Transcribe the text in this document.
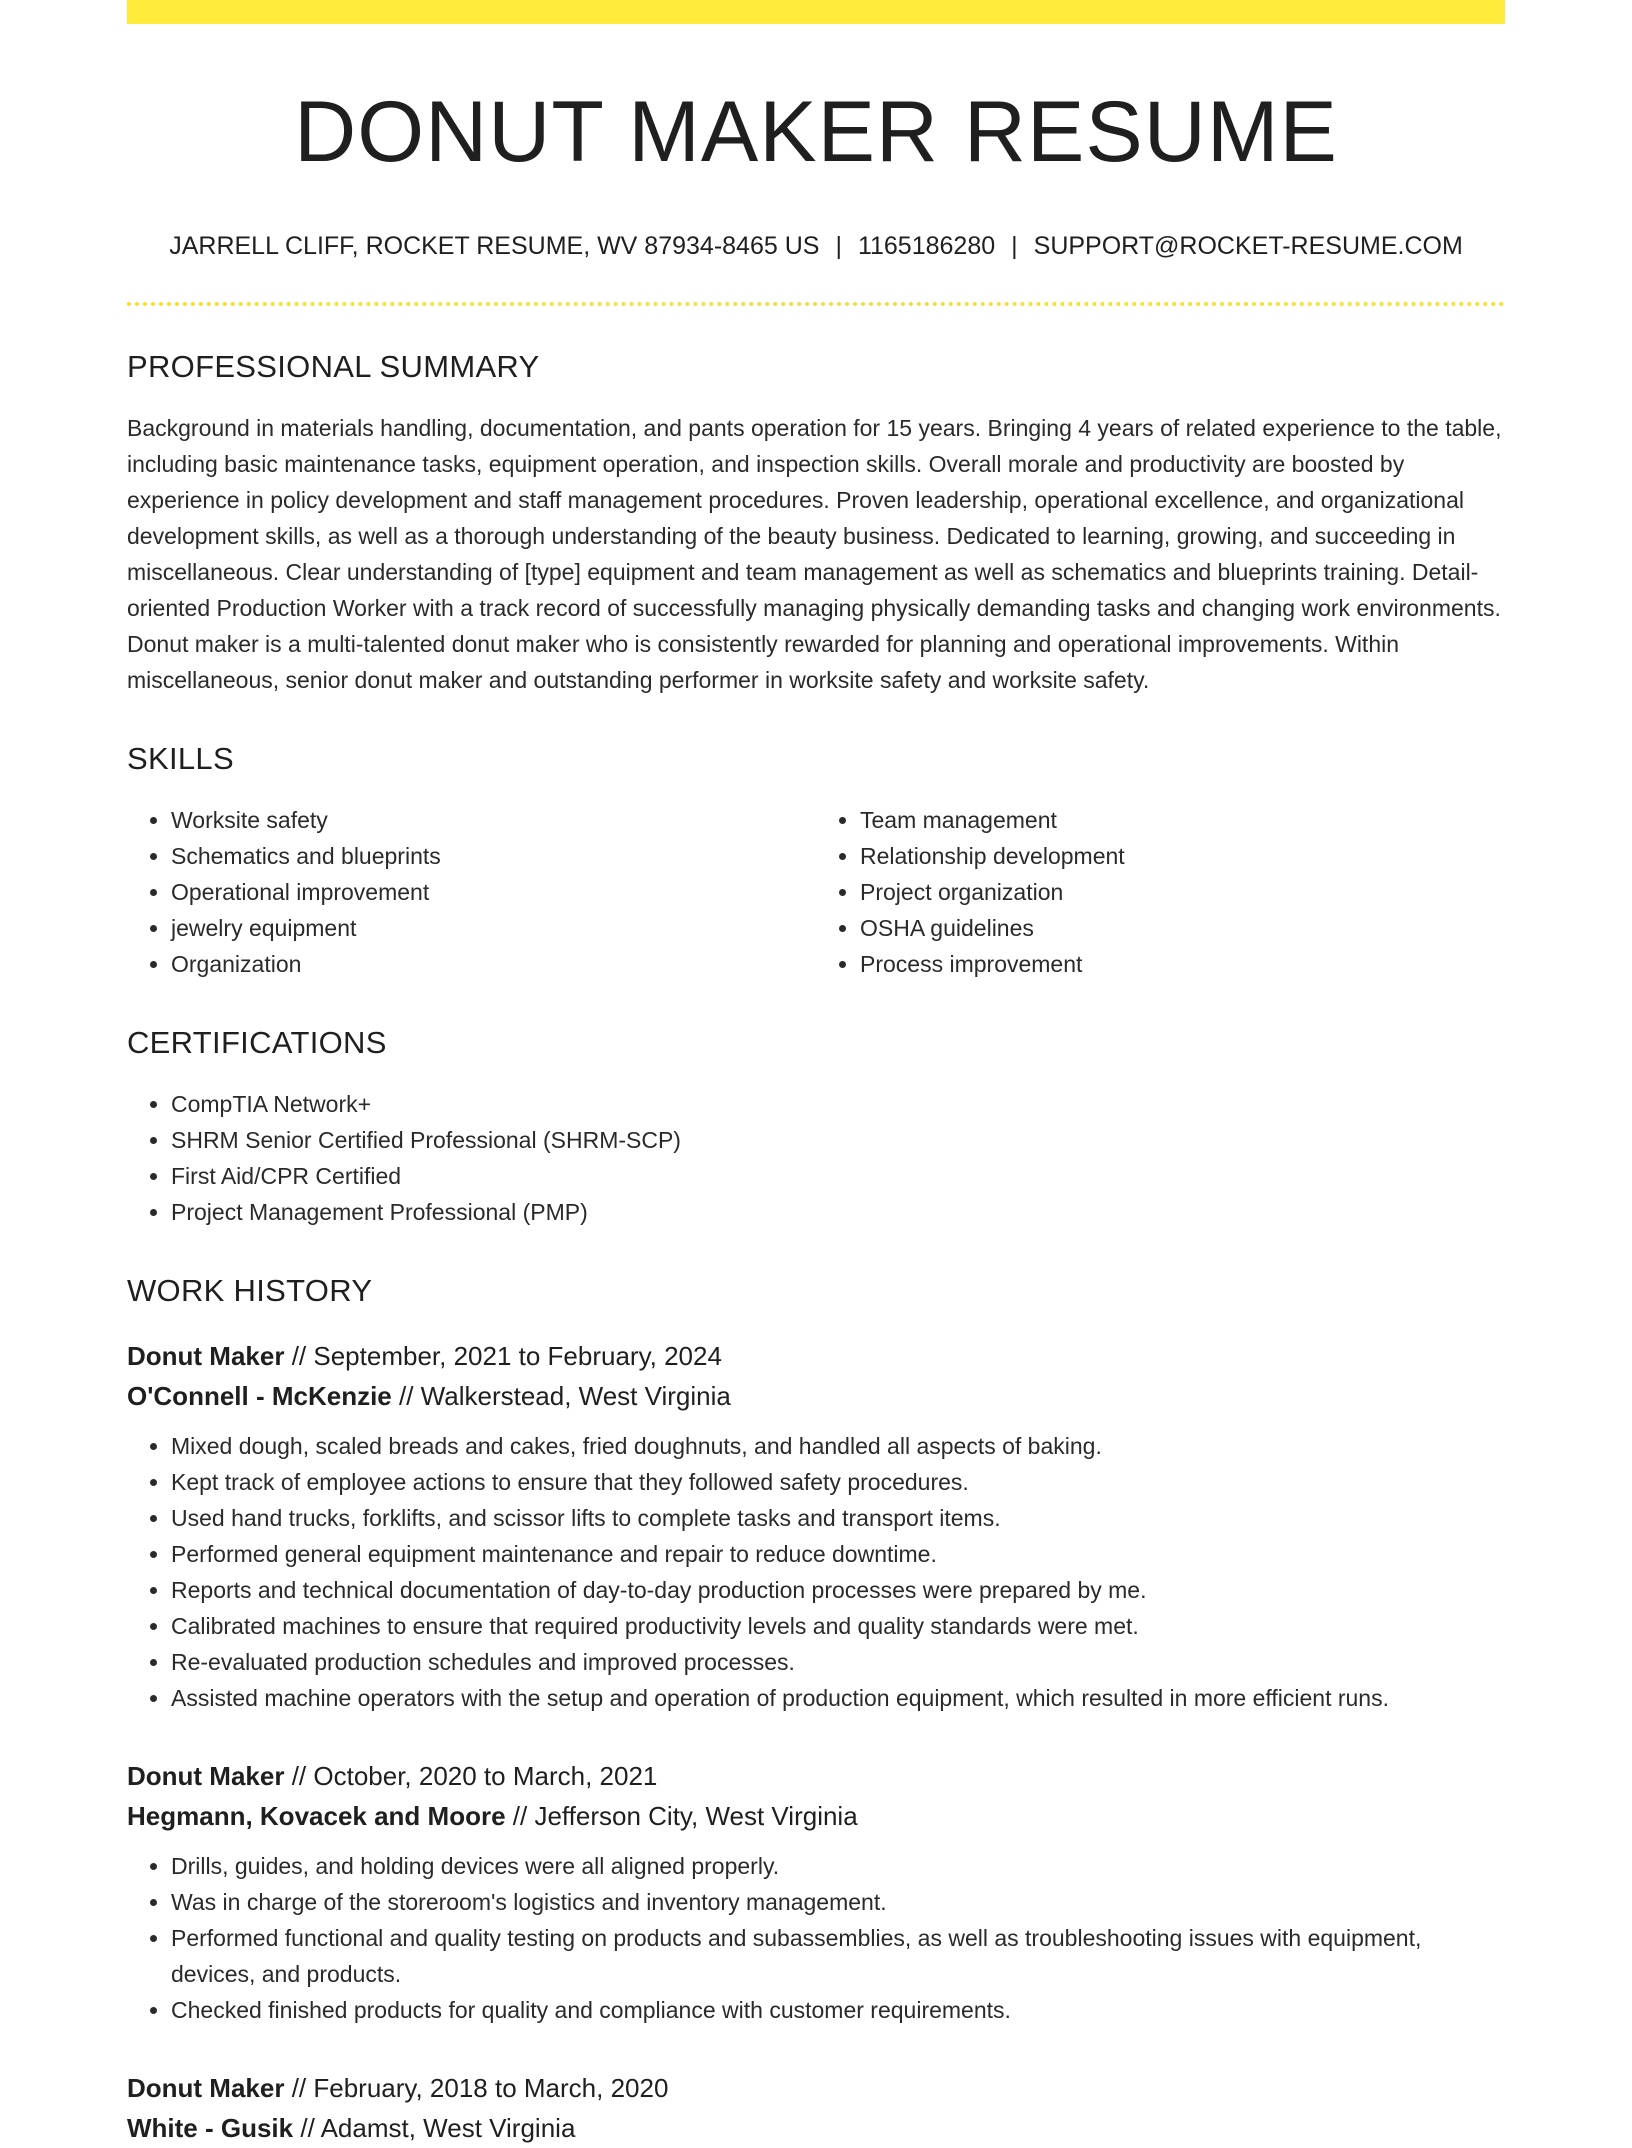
DONUT MAKER RESUME
JARRELL CLIFF, ROCKET RESUME, WV 87934-8465 US | 1165186280 | SUPPORT@ROCKET-RESUME.COM
PROFESSIONAL SUMMARY

Background in materials handling, documentation, and pants operation for 15 years. Bringing 4 years of related experience to the table, including basic maintenance tasks, equipment operation, and inspection skills. Overall morale and productivity are boosted by experience in policy development and staff management procedures. Proven leadership, operational excellence, and organizational development skills, as well as a thorough understanding of the beauty business. Dedicated to learning, growing, and succeeding in miscellaneous. Clear understanding of [type] equipment and team management as well as schematics and blueprints training. Detail-oriented Production Worker with a track record of successfully managing physically demanding tasks and changing work environments. Donut maker is a multi-talented donut maker who is consistently rewarded for planning and operational improvements. Within miscellaneous, senior donut maker and outstanding performer in worksite safety and worksite safety.

SKILLS
• Worksite safety
• Schematics and blueprints
• Operational improvement
• jewelry equipment
• Organization
• Team management
• Relationship development
• Project organization
• OSHA guidelines
• Process improvement
CERTIFICATIONS
• CompTIA Network+
• SHRM Senior Certified Professional (SHRM-SCP)
• First Aid/CPR Certified
• Project Management Professional (PMP)
WORK HISTORY
Donut Maker // September, 2021 to February, 2024
O'Connell - McKenzie // Walkerstead, West Virginia
• Mixed dough, scaled breads and cakes, fried doughnuts, and handled all aspects of baking.
• Kept track of employee actions to ensure that they followed safety procedures.
• Used hand trucks, forklifts, and scissor lifts to complete tasks and transport items.
• Performed general equipment maintenance and repair to reduce downtime.
• Reports and technical documentation of day-to-day production processes were prepared by me.
• Calibrated machines to ensure that required productivity levels and quality standards were met.
• Re-evaluated production schedules and improved processes.
• Assisted machine operators with the setup and operation of production equipment, which resulted in more efficient runs.
Donut Maker // October, 2020 to March, 2021
Hegmann, Kovacek and Moore // Jefferson City, West Virginia
• Drills, guides, and holding devices were all aligned properly.
• Was in charge of the storeroom's logistics and inventory management.
• Performed functional and quality testing on products and subassemblies, as well as troubleshooting issues with equipment, devices, and products.
• Checked finished products for quality and compliance with customer requirements.
Donut Maker // February, 2018 to March, 2020
White - Gusik // Adamst, West Virginia
